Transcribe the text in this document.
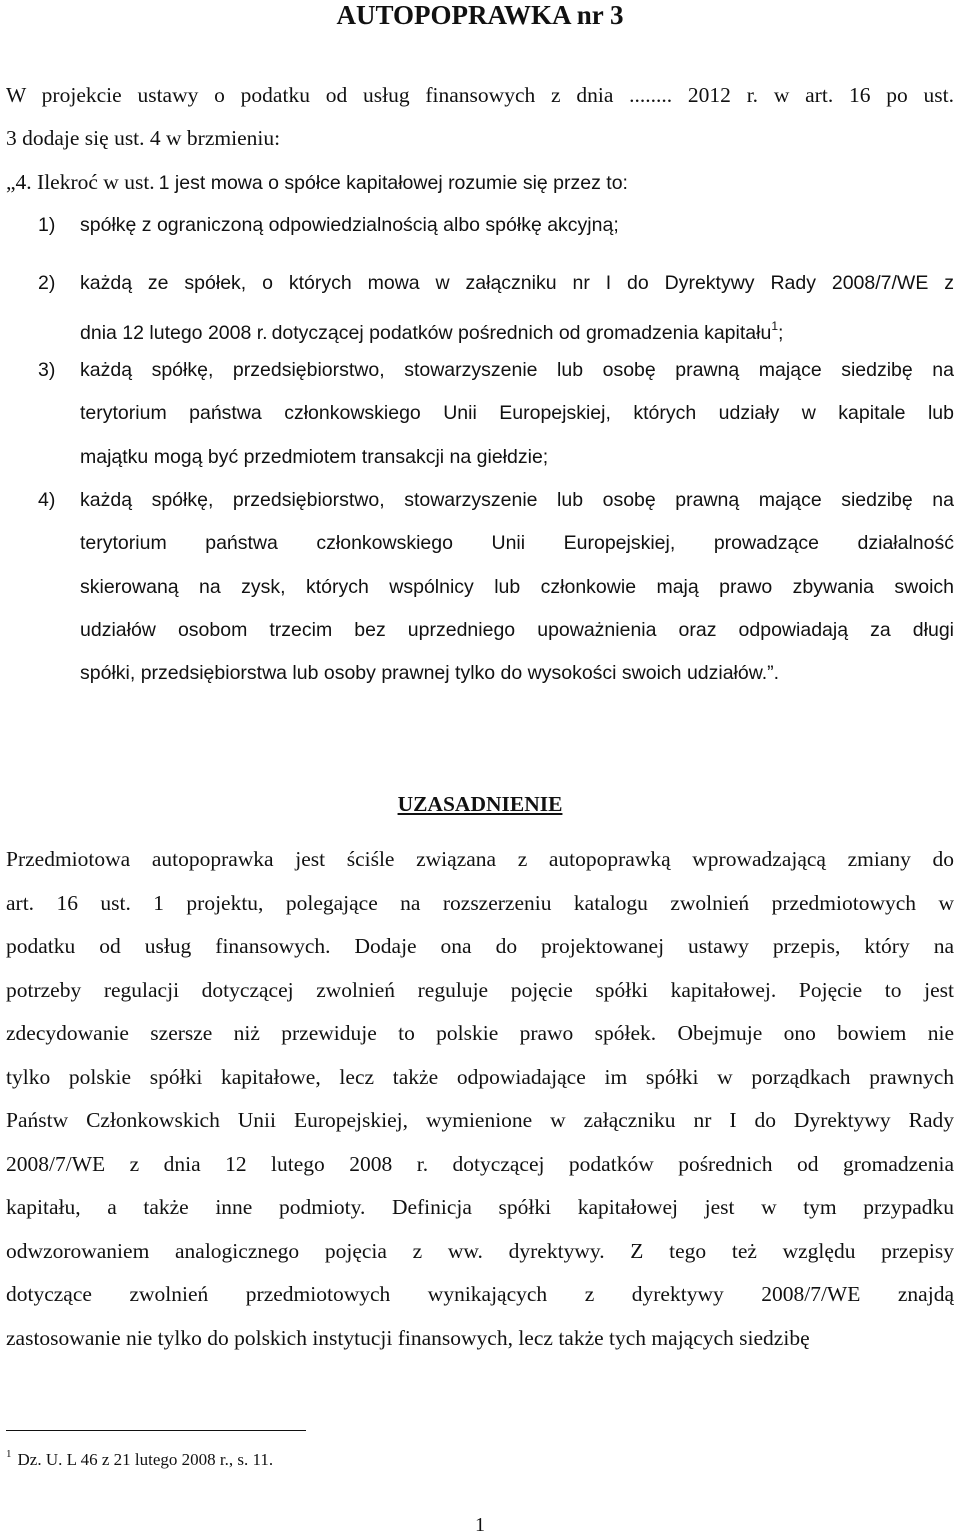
AUTOPOPRAWKA nr 3
W projekcie ustawy o podatku od usług finansowych z dnia ........ 2012 r. w art. 16 po ust.
3 dodaje się ust. 4 w brzmieniu:
„4. Ilekroć w ust. 1 jest mowa o spółce kapitałowej rozumie się przez to:
1) spółkę z ograniczoną odpowiedzialnością albo spółkę akcyjną;
2) każdą ze spółek, o których mowa w załączniku nr I do Dyrektywy Rady 2008/7/WE z
dnia 12 lutego 2008 r. dotyczącej podatków pośrednich od gromadzenia kapitału$^1$;
3) każdą spółkę, przedsiębiorstwo, stowarzyszenie lub osobę prawną mające siedzibę na
terytorium państwa członkowskiego Unii Europejskiej, których udziały w kapitale lub
majątku mogą być przedmiotem transakcji na giełdzie;
4) każdą spółkę, przedsiębiorstwo, stowarzyszenie lub osobę prawną mające siedzibę na
terytorium państwa członkowskiego Unii Europejskiej, prowadzące działalność
skierowaną na zysk, których wspólnicy lub członkowie mają prawo zbywania swoich
udziałów osobom trzecim bez uprzedniego upoważnienia oraz odpowiadają za długi
spółki, przedsiębiorstwa lub osoby prawnej tylko do wysokości swoich udziałów.”.
UZASADNIENIE
Przedmiotowa autopoprawka jest ściśle związana z autopoprawką wprowadzającą zmiany do
art. 16 ust. 1 projektu, polegające na rozszerzeniu katalogu zwolnień przedmiotowych w
podatku od usług finansowych. Dodaje ona do projektowanej ustawy przepis, który na
potrzeby regulacji dotyczącej zwolnień reguluje pojęcie spółki kapitałowej. Pojęcie to jest
zdecydowanie szersze niż przewiduje to polskie prawo spółek. Obejmuje ono bowiem nie
tylko polskie spółki kapitałowe, lecz także odpowiadające im spółki w porządkach prawnych
Państw Członkowskich Unii Europejskiej, wymienione w załączniku nr I do Dyrektywy Rady
2008/7/WE z dnia 12 lutego 2008 r. dotyczącej podatków pośrednich od gromadzenia
kapitału, a także inne podmioty. Definicja spółki kapitałowej jest w tym przypadku
odwzorowaniem analogicznego pojęcia z ww. dyrektywy. Z tego też względu przepisy
dotyczące zwolnień przedmiotowych wynikających z dyrektywy 2008/7/WE znajdą
zastosowanie nie tylko do polskich instytucji finansowych, lecz także tych mających siedzibę
$^1$ Dz. U. L 46 z 21 lutego 2008 r., s. 11.
1
